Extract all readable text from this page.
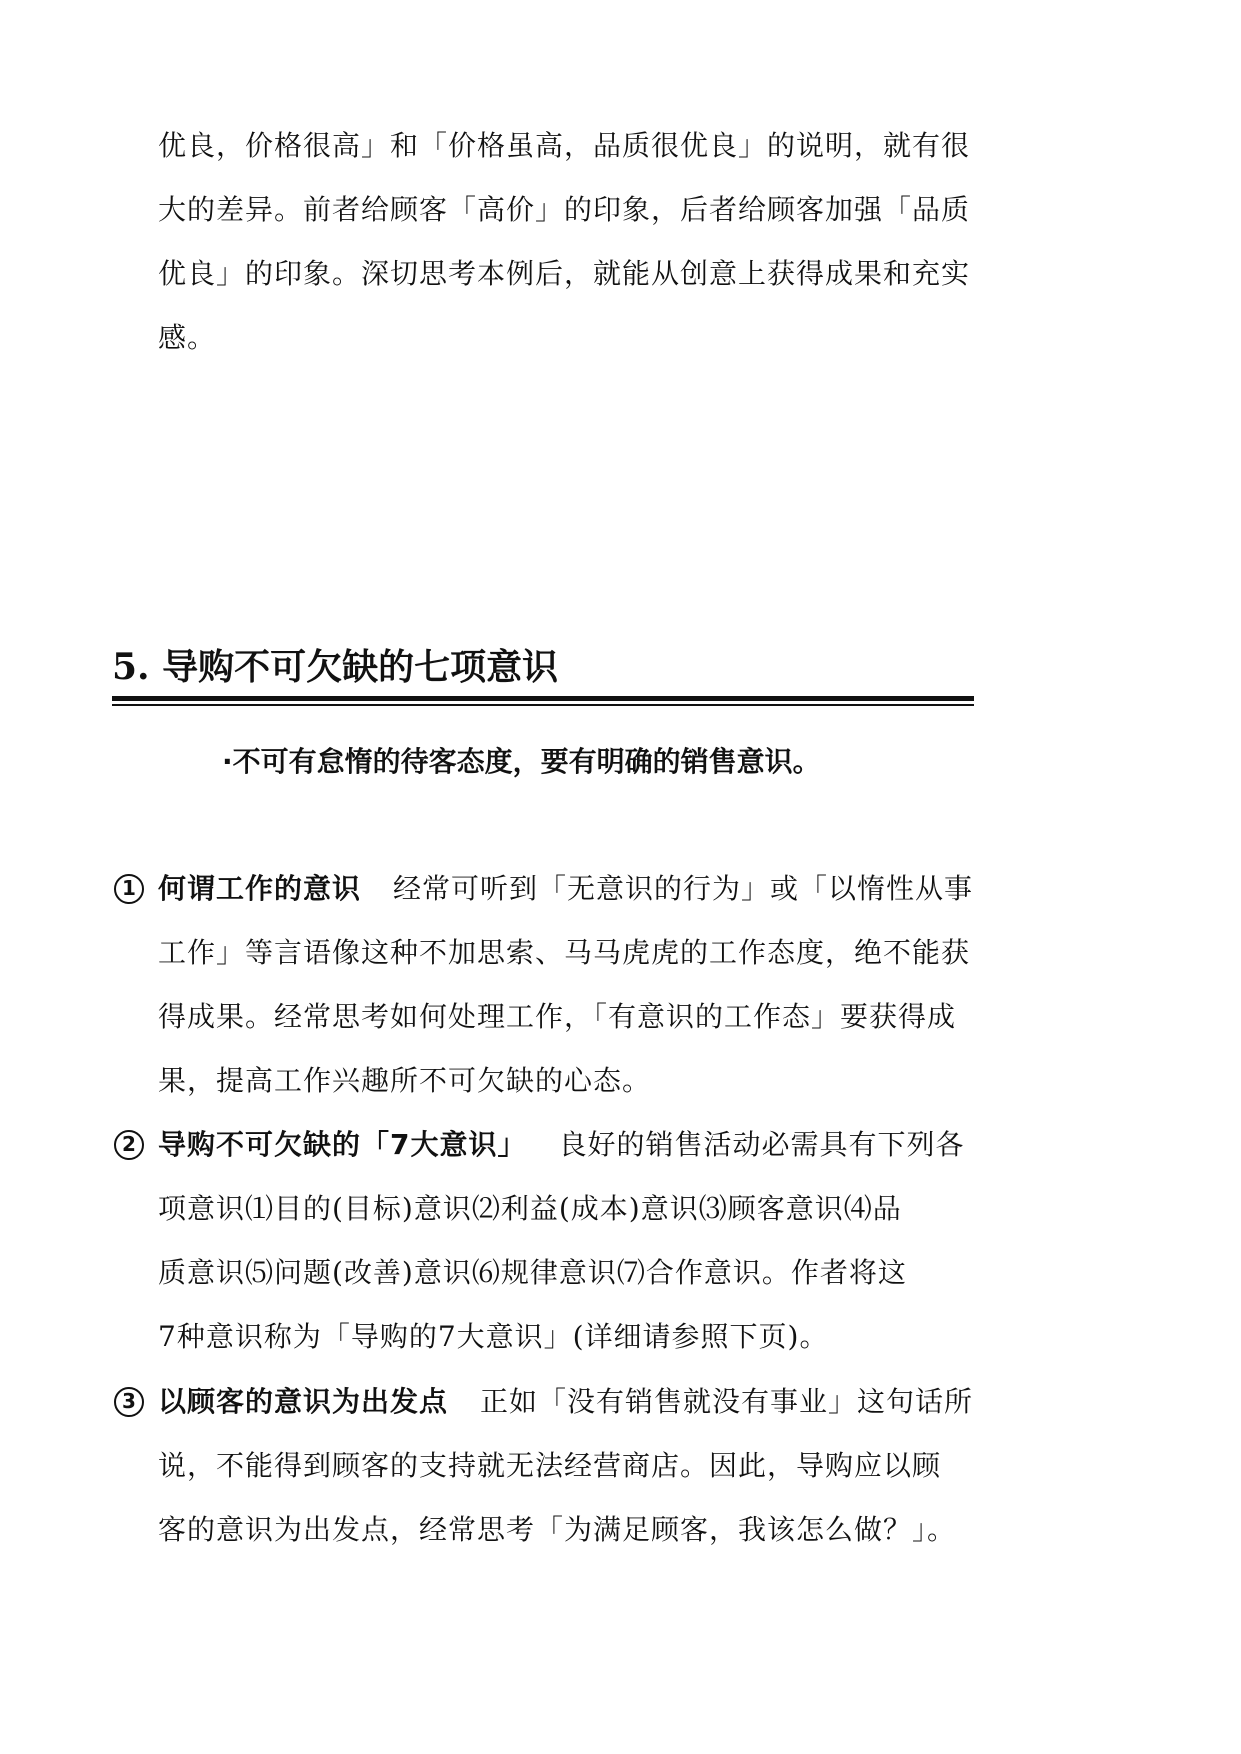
优良，价格很高」和「价格虽高，品质很优良」的说明，就有很
大的差异。前者给顾客「高价」的印象，后者给顾客加强「品质
优良」的印象。深切思考本例后，就能从创意上获得成果和充实
感。
5. 导购不可欠缺的七项意识
·不可有怠惰的待客态度，要有明确的销售意识。
1 何谓工作的意识 经常可听到「无意识的行为」或「以惰性从事
工作」等言语像这种不加思索、马马虎虎的工作态度，绝不能获
得成果。经常思考如何处理工作，「有意识的工作态」要获得成
果，提高工作兴趣所不可欠缺的心态。
2 导购不可欠缺的「7大意识」 良好的销售活动必需具有下列各
项意识⑴目的(目标)意识⑵利益(成本)意识⑶顾客意识⑷品
质意识⑸问题(改善)意识⑹规律意识⑺合作意识。作者将这
7种意识称为「导购的7大意识」(详细请参照下页)。
3 以顾客的意识为出发点 正如「没有销售就没有事业」这句话所
说，不能得到顾客的支持就无法经营商店。因此，导购应以顾
客的意识为出发点，经常思考「为满足顾客，我该怎么做？」。
